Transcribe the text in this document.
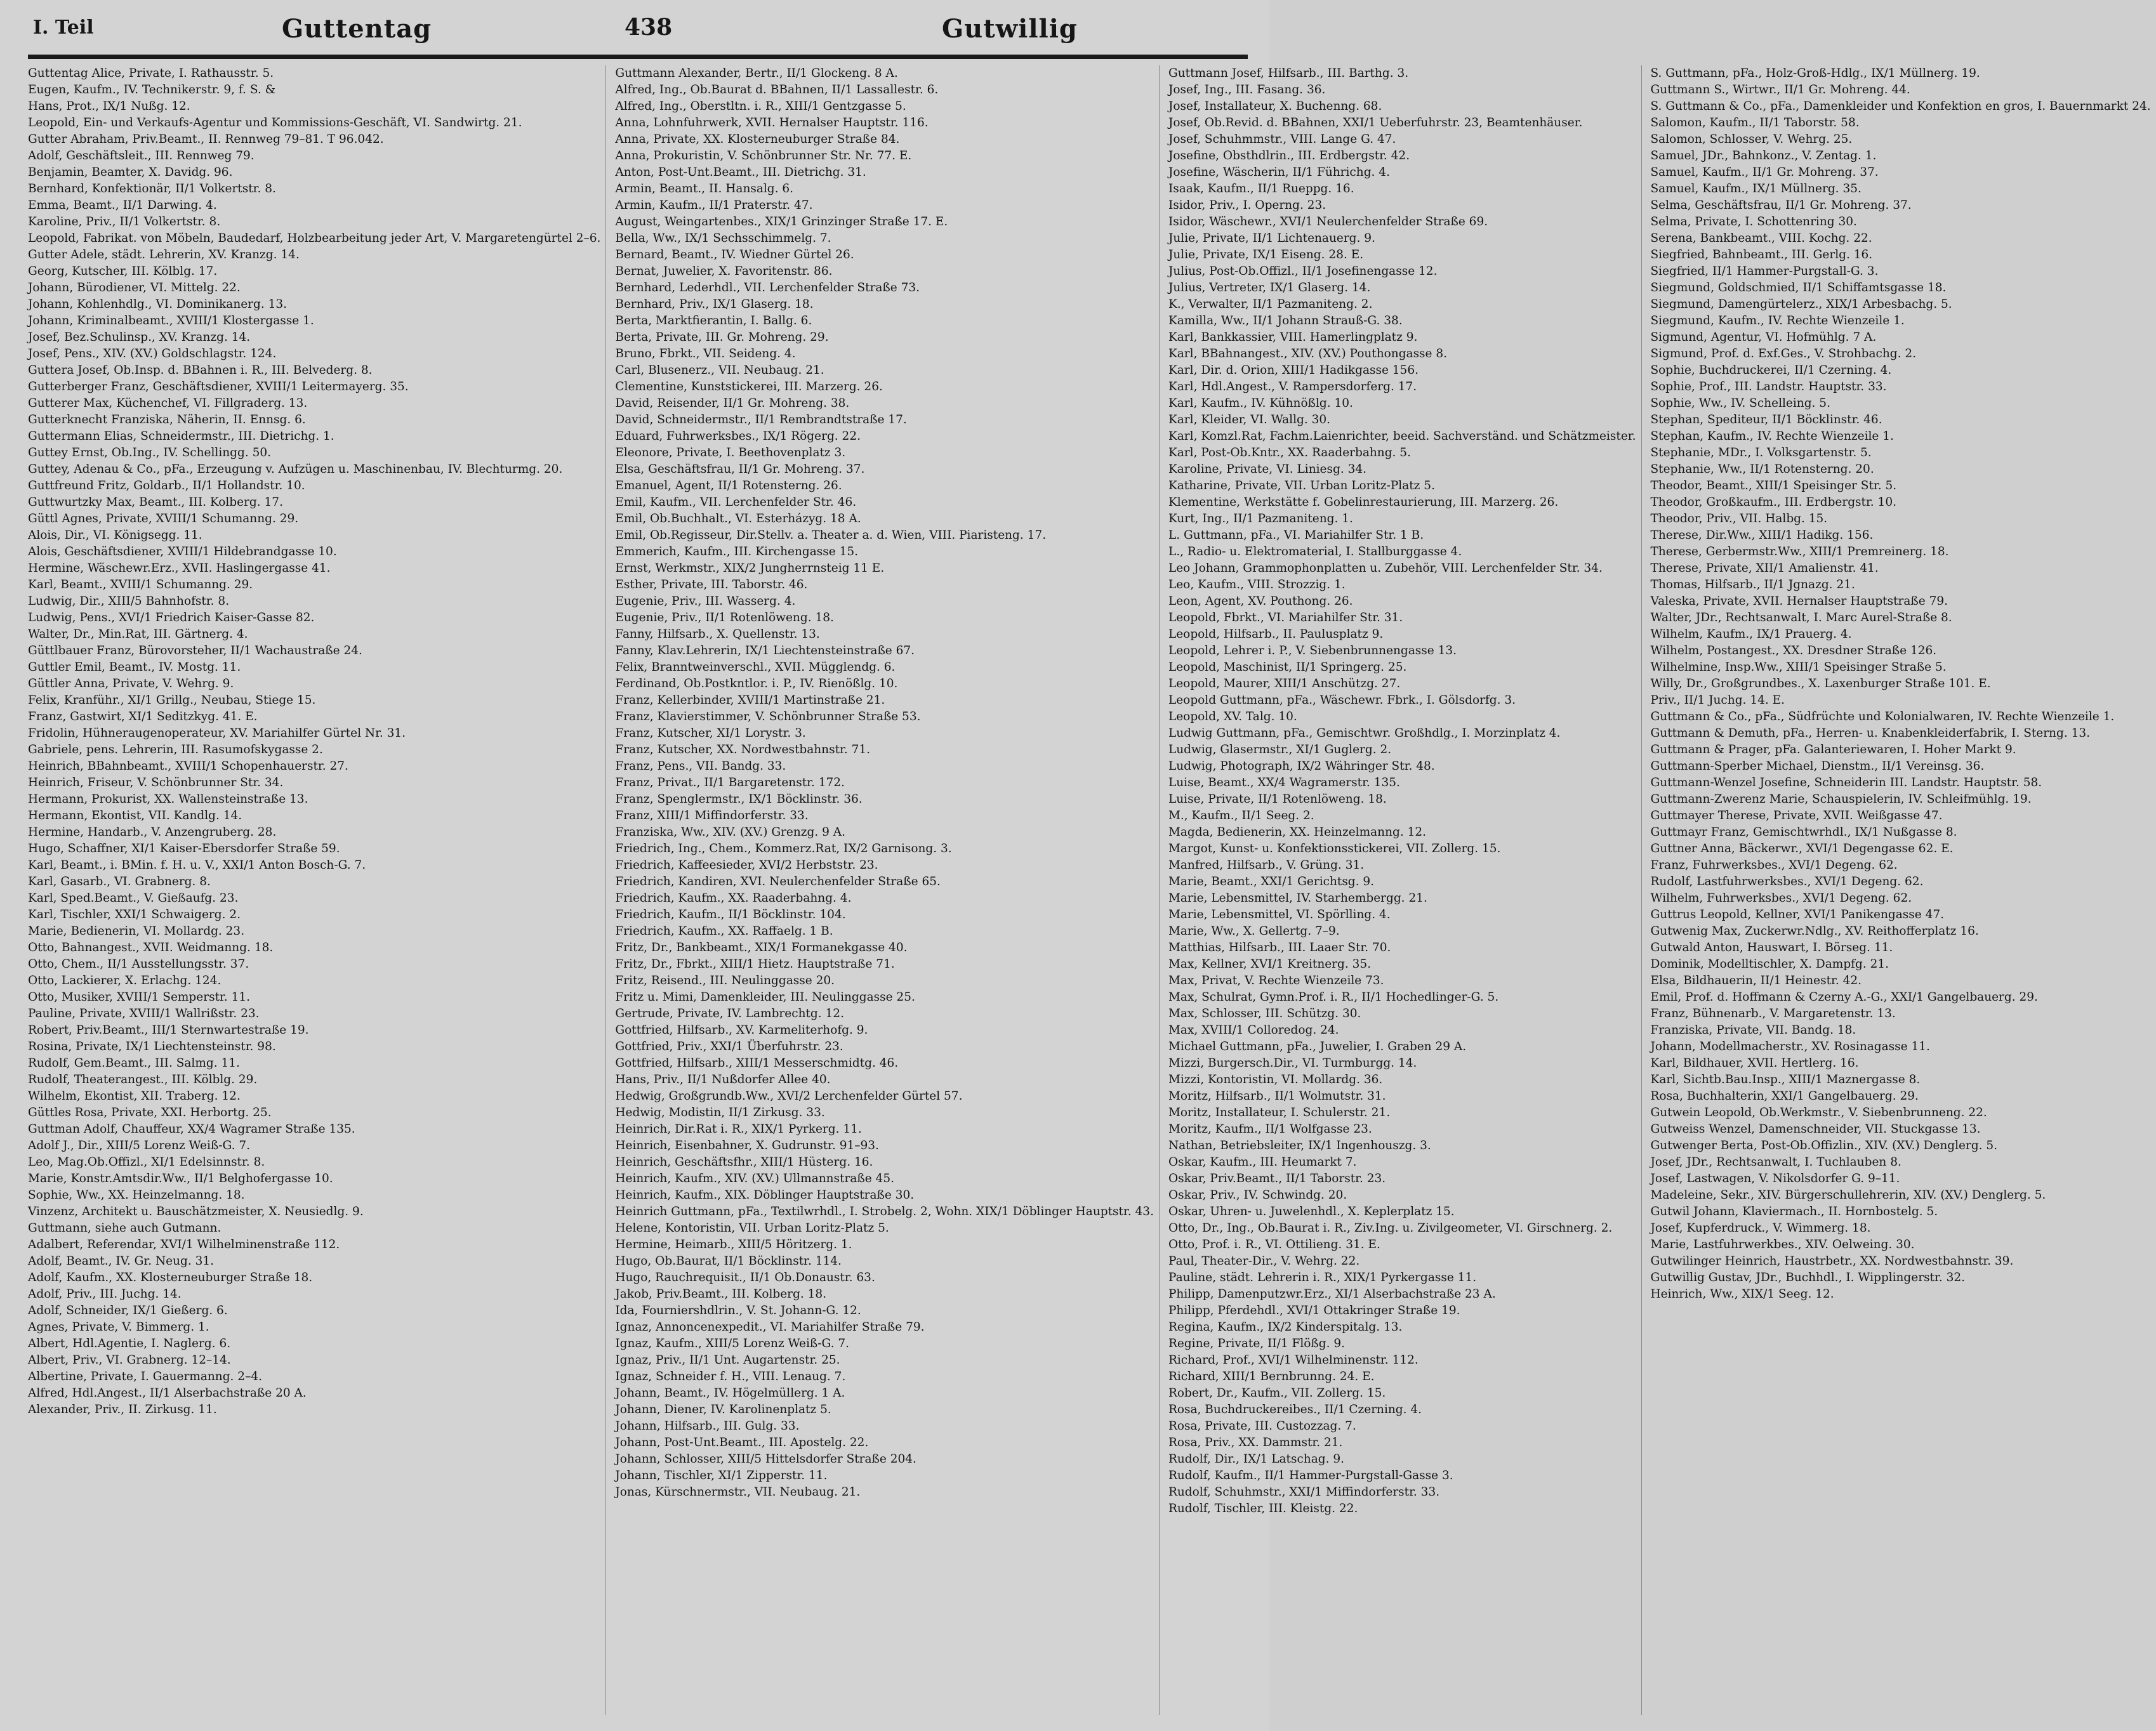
I. Teil	Guttentag	438	Gutwillig
Guttentag Alice, Private, I. Rathausstr. 5.
Eugen, Kaufm., IV. Technikerstr. 9, f. S. &
Hans, Prot., IX/1 Nußg. 12.
Leopold, Ein- und Verkaufs-Agentur und Kommissions-Geschäft, VI. Sandwirtg. 21.
Gutter Abraham, Priv.Beamt., II. Rennweg 79–81. T 96.042.
Adolf, Geschäftsleit., III. Rennweg 79.
Benjamin, Beamter, X. Davidg. 96.
Bernhard, Konfektionär, II/1 Volkertstr. 8.
Emma, Beamt., II/1 Darwing. 4.
Karoline, Priv., II/1 Volkertstr. 8.
Leopold, Fabrikat. von Möbeln, Baudedarf, Holzbearbeitung jeder Art, V. Margaretengürtel 2–6.
Gutter Adele, städt. Lehrerin, XV. Kranzg. 14.
Georg, Kutscher, III. Kölblg. 17.
Johann, Bürodiener, VI. Mittelg. 22.
Johann, Kohlenhdlg., VI. Dominikanerg. 13.
Johann, Kriminalbeamt., XVIII/1 Klostergasse 1.
Josef, Bez.Schulinsp., XV. Kranzg. 14.
Josef, Pens., XIV. (XV.) Goldschlagstr. 124.
Guttera Josef, Ob.Insp. d. BBahnen i. R., III. Belvederg. 8.
Gutterberger Franz, Geschäftsdiener, XVIII/1 Leitermayerg. 35.
Gutterer Max, Küchenchef, VI. Fillgraderg. 13.
Gutterknecht Franziska, Näherin, II. Ennsg. 6.
Guttermann Elias, Schneidermstr., III. Dietrichg. 1.
Guttey Ernst, Ob.Ing., IV. Schellingg. 50.
Guttey, Adenau & Co., pFa., Erzeugung v. Aufzügen u. Maschinenbau, IV. Blechturmg. 20.
Guttfreund Fritz, Goldarb., II/1 Hollandstr. 10.
Guttwurtzky Max, Beamt., III. Kolberg. 17.
Güttl Agnes, Private, XVIII/1 Schumanng. 29.
Alois, Dir., VI. Königsegg. 11.
Alois, Geschäftsdiener, XVIII/1 Hildebrandgasse 10.
Hermine, Wäschewr.Erz., XVII. Haslingergasse 41.
Karl, Beamt., XVIII/1 Schumanng. 29.
Ludwig, Dir., XIII/5 Bahnhofstr. 8.
Ludwig, Pens., XVI/1 Friedrich Kaiser-Gasse 82.
Walter, Dr., Min.Rat, III. Gärtnerg. 4.
Güttlbauer Franz, Bürovorsteher, II/1 Wachaustraße 24.
Guttler Emil, Beamt., IV. Mostg. 11.
Güttler Anna, Private, V. Wehrg. 9.
Felix, Kranführ., XI/1 Grillg., Neubau, Stiege 15.
Franz, Gastwirt, XI/1 Seditzkyg. 41. E.
Fridolin, Hühneraugenoperateur, XV. Mariahilfer Gürtel Nr. 31.
Gabriele, pens. Lehrerin, III. Rasumofskygasse 2.
Heinrich, BBahnbeamt., XVIII/1 Schopenhauerstr. 27.
Heinrich, Friseur, V. Schönbrunner Str. 34.
Hermann, Prokurist, XX. Wallensteinstraße 13.
Hermann, Ekontist, VII. Kandlg. 14.
Hermine, Handarb., V. Anzengruberg. 28.
Hugo, Schaffner, XI/1 Kaiser-Ebersdorfer Straße 59.
Karl, Beamt., i. BMin. f. H. u. V., XXI/1 Anton Bosch-G. 7.
Karl, Gasarb., VI. Grabnerg. 8.
Karl, Sped.Beamt., V. Gießaufg. 23.
Karl, Tischler, XXI/1 Schwaigerg. 2.
Marie, Bedienerin, VI. Mollardg. 23.
Otto, Bahnangest., XVII. Weidmanng. 18.
Otto, Chem., II/1 Ausstellungsstr. 37.
Otto, Lackierer, X. Erlachg. 124.
Otto, Musiker, XVIII/1 Semperstr. 11.
Pauline, Private, XVIII/1 Wallrißstr. 23.
Robert, Priv.Beamt., III/1 Sternwartestraße 19.
Rosina, Private, IX/1 Liechtensteinstr. 98.
Rudolf, Gem.Beamt., III. Salmg. 11.
Rudolf, Theaterangest., III. Kölblg. 29.
Wilhelm, Ekontist, XII. Traberg. 12.
Güttles Rosa, Private, XXI. Herbortg. 25.
Guttman Adolf, Chauffeur, XX/4 Wagramer Straße 135.
Adolf J., Dir., XIII/5 Lorenz Weiß-G. 7.
Leo, Mag.Ob.Offizl., XI/1 Edelsinnstr. 8.
Marie, Konstr.Amtsdir.Ww., II/1 Belghofergasse 10.
Sophie, Ww., XX. Heinzelmanng. 18.
Vinzenz, Architekt u. Bauschätzmeister, X. Neusiedlg. 9.
Guttmann, siehe auch Gutmann.
Adalbert, Referendar, XVI/1 Wilhelminenstraße 112.
Adolf, Beamt., IV. Gr. Neug. 31.
Adolf, Kaufm., XX. Klosterneuburger Straße 18.
Adolf, Priv., III. Juchg. 14.
Adolf, Schneider, IX/1 Gießerg. 6.
Agnes, Private, V. Bimmerg. 1.
Albert, Hdl.Agentie, I. Naglerg. 6.
Albert, Priv., VI. Grabnerg. 12–14.
Albertine, Private, I. Gauermanng. 2–4.
Alfred, Hdl.Angest., II/1 Alserbachstraße 20 A.
Alexander, Priv., II. Zirkusg. 11.
Guttmann Alexander, Bertr., II/1 Glockeng. 8 A.
Alfred, Ing., Ob.Baurat d. BBahnen, II/1 Lassallestr. 6.
Alfred, Ing., Oberstltn. i. R., XIII/1 Gentzgasse 5.
Anna, Lohnfuhrwerk, XVII. Hernalser Hauptstr. 116.
Anna, Private, XX. Klosterneuburger Straße 84.
Anna, Prokuristin, V. Schönbrunner Str. Nr. 77. E.
Anton, Post-Unt.Beamt., III. Dietrichg. 31.
Armin, Beamt., II. Hansalg. 6.
Armin, Kaufm., II/1 Praterstr. 47.
August, Weingartenbes., XIX/1 Grinzinger Straße 17. E.
Bella, Ww., IX/1 Sechsschimmelg. 7.
Bernard, Beamt., IV. Wiedner Gürtel 26.
Bernat, Juwelier, X. Favoritenstr. 86.
Bernhard, Lederhdl., VII. Lerchenfelder Straße 73.
Bernhard, Priv., IX/1 Glaserg. 18.
Berta, Marktfierantin, I. Ballg. 6.
Berta, Private, III. Gr. Mohreng. 29.
Bruno, Fbrkt., VII. Seideng. 4.
Carl, Blusenerz., VII. Neubaug. 21.
Clementine, Kunststickerei, III. Marzerg. 26.
David, Reisender, II/1 Gr. Mohreng. 38.
David, Schneidermstr., II/1 Rembrandtstraße 17.
Eduard, Fuhrwerksbes., IX/1 Rögerg. 22.
Eleonore, Private, I. Beethovenplatz 3.
Elsa, Geschäftsfrau, II/1 Gr. Mohreng. 37.
Emanuel, Agent, II/1 Rotensterng. 26.
Emil, Kaufm., VII. Lerchenfelder Str. 46.
Emil, Ob.Buchhalt., VI. Esterházyg. 18 A.
Emil, Ob.Regisseur, Dir.Stellv. a. Theater a. d. Wien, VIII. Piaristeng. 17.
Emmerich, Kaufm., III. Kirchengasse 15.
Ernst, Werkmstr., XIX/2 Jungherrnsteig 11 E.
Esther, Private, III. Taborstr. 46.
Eugenie, Priv., III. Wasserg. 4.
Eugenie, Priv., II/1 Rotenlöweng. 18.
Fanny, Hilfsarb., X. Quellenstr. 13.
Fanny, Klav.Lehrerin, IX/1 Liechtensteinstraße 67.
Felix, Branntweinverschl., XVII. Mügglendg. 6.
Ferdinand, Ob.Postkntlor. i. P., IV. Rienößlg. 10.
Franz, Kellerbinder, XVIII/1 Martinstraße 21.
Franz, Klavierstimmer, V. Schönbrunner Straße 53.
Franz, Kutscher, XI/1 Lorystr. 3.
Franz, Kutscher, XX. Nordwestbahnstr. 71.
Franz, Pens., VII. Bandg. 33.
Franz, Privat., II/1 Bargaretenstr. 172.
Franz, Spenglermstr., IX/1 Böcklinstr. 36.
Franz, XIII/1 Miffindorferstr. 33.
Franziska, Ww., XIV. (XV.) Grenzg. 9 A.
Friedrich, Ing., Chem., Kommerz.Rat, IX/2 Garnisong. 3.
Friedrich, Kaffeesieder, XVI/2 Herbststr. 23.
Friedrich, Kandiren, XVI. Neulerchenfelder Straße 65.
Friedrich, Kaufm., XX. Raaderbahng. 4.
Friedrich, Kaufm., II/1 Böcklinstr. 104.
Friedrich, Kaufm., XX. Raffaelg. 1 B.
Fritz, Dr., Bankbeamt., XIX/1 Formanekgasse 40.
Fritz, Dr., Fbrkt., XIII/1 Hietz. Hauptstraße 71.
Fritz, Reisend., III. Neulinggasse 20.
Fritz u. Mimi, Damenkleider, III. Neulinggasse 25.
Gertrude, Private, IV. Lambrechtg. 12.
Gottfried, Hilfsarb., XV. Karmeliterhofg. 9.
Gottfried, Priv., XXI/1 Überfuhrstr. 23.
Gottfried, Hilfsarb., XIII/1 Messerschmidtg. 46.
Hans, Priv., II/1 Nußdorfer Allee 40.
Hedwig, Großgrundb.Ww., XVI/2 Lerchenfelder Gürtel 57.
Hedwig, Modistin, II/1 Zirkusg. 33.
Heinrich, Dir.Rat i. R., XIX/1 Pyrkerg. 11.
Heinrich, Eisenbahner, X. Gudrunstr. 91–93.
Heinrich, Geschäftsfhr., XIII/1 Hüsterg. 16.
Heinrich, Kaufm., XIV. (XV.) Ullmannstraße 45.
Heinrich, Kaufm., XIX. Döblinger Hauptstraße 30.
Heinrich Guttmann, pFa., Textilwrhdl., I. Strobelg. 2, Wohn. XIX/1 Döblinger Hauptstr. 43.
Helene, Kontoristin, VII. Urban Loritz-Platz 5.
Hermine, Heimarb., XIII/5 Höritzerg. 1.
Hugo, Ob.Baurat, II/1 Böcklinstr. 114.
Hugo, Rauchrequisit., II/1 Ob.Donaustr. 63.
Jakob, Priv.Beamt., III. Kolberg. 18.
Ida, Fourniershdlrin., V. St. Johann-G. 12.
Ignaz, Annoncenexpedit., VI. Mariahilfer Straße 79.
Ignaz, Kaufm., XIII/5 Lorenz Weiß-G. 7.
Ignaz, Priv., II/1 Unt. Augartenstr. 25.
Ignaz, Schneider f. H., VIII. Lenaug. 7.
Johann, Beamt., IV. Högelmüllerg. 1 A.
Johann, Diener, IV. Karolinenplatz 5.
Johann, Hilfsarb., III. Gulg. 33.
Johann, Post-Unt.Beamt., III. Apostelg. 22.
Johann, Schlosser, XIII/5 Hittelsdorfer Straße 204.
Johann, Tischler, XI/1 Zipperstr. 11.
Jonas, Kürschnermstr., VII. Neubaug. 21.
Guttmann Josef, Hilfsarb., III. Barthg. 3.
Josef, Ing., III. Fasang. 36.
Josef, Installateur, X. Buchenng. 68.
Josef, Ob.Revid. d. BBahnen, XXI/1 Ueberfuhrstr. 23, Beamtenhäuser.
Josef, Schuhmmstr., VIII. Lange G. 47.
Josefine, Obsthdlrin., III. Erdbergstr. 42.
Josefine, Wäscherin, II/1 Führichg. 4.
Isaak, Kaufm., II/1 Rueppg. 16.
Isidor, Priv., I. Operng. 23.
Isidor, Wäschewr., XVI/1 Neulerchenfelder Straße 69.
Julie, Private, II/1 Lichtenauerg. 9.
Julie, Private, IX/1 Eiseng. 28. E.
Julius, Post-Ob.Offizl., II/1 Josefinengasse 12.
Julius, Vertreter, IX/1 Glaserg. 14.
K., Verwalter, II/1 Pazmaniteng. 2.
Kamilla, Ww., II/1 Johann Strauß-G. 38.
Karl, Bankkassier, VIII. Hamerlingplatz 9.
Karl, BBahnangest., XIV. (XV.) Pouthongasse 8.
Karl, Dir. d. Orion, XIII/1 Hadikgasse 156.
Karl, Hdl.Angest., V. Rampersdorferg. 17.
Karl, Kaufm., IV. Kühnößlg. 10.
Karl, Kleider, VI. Wallg. 30.
Karl, Komzl.Rat, Fachm.Laienrichter, beeid. Sachverständ. und Schätzmeister.
Karl, Post-Ob.Kntr., XX. Raaderbahng. 5.
Karoline, Private, VI. Liniesg. 34.
Katharine, Private, VII. Urban Loritz-Platz 5.
Klementine, Werkstätte f. Gobelinrestaurierung, III. Marzerg. 26.
Kurt, Ing., II/1 Pazmaniteng. 1.
L. Guttmann, pFa., VI. Mariahilfer Str. 1 B.
L., Radio- u. Elektromaterial, I. Stallburggasse 4.
Leo Johann, Grammophonplatten u. Zubehör, VIII. Lerchenfelder Str. 34.
Leo, Kaufm., VIII. Strozzig. 1.
Leon, Agent, XV. Pouthong. 26.
Leopold, Fbrkt., VI. Mariahilfer Str. 31.
Leopold, Hilfsarb., II. Paulusplatz 9.
Leopold, Lehrer i. P., V. Siebenbrunnengasse 13.
Leopold, Maschinist, II/1 Springerg. 25.
Leopold, Maurer, XIII/1 Anschützg. 27.
Leopold Guttmann, pFa., Wäschewr. Fbrk., I. Gölsdorfg. 3.
Leopold, XV. Talg. 10.
Ludwig Guttmann, pFa., Gemischtwr. Großhdlg., I. Morzinplatz 4.
Ludwig, Glasermstr., XI/1 Guglerg. 2.
Ludwig, Photograph, IX/2 Währinger Str. 48.
Luise, Beamt., XX/4 Wagramerstr. 135.
Luise, Private, II/1 Rotenlöweng. 18.
M., Kaufm., II/1 Seeg. 2.
Magda, Bedienerin, XX. Heinzelmanng. 12.
Margot, Kunst- u. Konfektionsstickerei, VII. Zollerg. 15.
Manfred, Hilfsarb., V. Grüng. 31.
Marie, Beamt., XXI/1 Gerichtsg. 9.
Marie, Lebensmittel, IV. Starhembergg. 21.
Marie, Lebensmittel, VI. Spörlling. 4.
Marie, Ww., X. Gellertg. 7–9.
Matthias, Hilfsarb., III. Laaer Str. 70.
Max, Kellner, XVI/1 Kreitnerg. 35.
Max, Privat, V. Rechte Wienzeile 73.
Max, Schulrat, Gymn.Prof. i. R., II/1 Hochedlinger-G. 5.
Max, Schlosser, III. Schützg. 30.
Max, XVIII/1 Colloredog. 24.
Michael Guttmann, pFa., Juwelier, I. Graben 29 A.
Mizzi, Burgersch.Dir., VI. Turmburgg. 14.
Mizzi, Kontoristin, VI. Mollardg. 36.
Moritz, Hilfsarb., II/1 Wolmutstr. 31.
Moritz, Installateur, I. Schulerstr. 21.
Moritz, Kaufm., II/1 Wolfgasse 23.
Nathan, Betriebsleiter, IX/1 Ingenhouszg. 3.
Oskar, Kaufm., III. Heumarkt 7.
Oskar, Priv.Beamt., II/1 Taborstr. 23.
Oskar, Priv., IV. Schwindg. 20.
Oskar, Uhren- u. Juwelenhdl., X. Keplerplatz 15.
Otto, Dr., Ing., Ob.Baurat i. R., Ziv.Ing. u. Zivilgeometer, VI. Girschnerg. 2.
Otto, Prof. i. R., VI. Ottilieng. 31. E.
Paul, Theater-Dir., V. Wehrg. 22.
Pauline, städt. Lehrerin i. R., XIX/1 Pyrkergasse 11.
Philipp, Damenputzwr.Erz., XI/1 Alserbachstraße 23 A.
Philipp, Pferdehdl., XVI/1 Ottakringer Straße 19.
Regina, Kaufm., IX/2 Kinderspitalg. 13.
Regine, Private, II/1 Flößg. 9.
Richard, Prof., XVI/1 Wilhelminenstr. 112.
Richard, XIII/1 Bernbrunng. 24. E.
Robert, Dr., Kaufm., VII. Zollerg. 15.
Rosa, Buchdruckereibes., II/1 Czerning. 4.
Rosa, Private, III. Custozzag. 7.
Rosa, Priv., XX. Dammstr. 21.
Rudolf, Dir., IX/1 Latschag. 9.
Rudolf, Kaufm., II/1 Hammer-Purgstall-Gasse 3.
Rudolf, Schuhmstr., XXI/1 Miffindorferstr. 33.
Rudolf, Tischler, III. Kleistg. 22.
S. Guttmann, pFa., Holz-Groß-Hdlg., IX/1 Müllnerg. 19.
Guttmann S., Wirtwr., II/1 Gr. Mohreng. 44.
S. Guttmann & Co., pFa., Damenkleider und Konfektion en gros, I. Bauernmarkt 24.
Salomon, Kaufm., II/1 Taborstr. 58.
Salomon, Schlosser, V. Wehrg. 25.
Samuel, JDr., Bahnkonz., V. Zentag. 1.
Samuel, Kaufm., II/1 Gr. Mohreng. 37.
Samuel, Kaufm., IX/1 Müllnerg. 35.
Selma, Geschäftsfrau, II/1 Gr. Mohreng. 37.
Selma, Private, I. Schottenring 30.
Serena, Bankbeamt., VIII. Kochg. 22.
Siegfried, Bahnbeamt., III. Gerlg. 16.
Siegfried, II/1 Hammer-Purgstall-G. 3.
Siegmund, Goldschmied, II/1 Schiffamtsgasse 18.
Siegmund, Damengürtelerz., XIX/1 Arbesbachg. 5.
Siegmund, Kaufm., IV. Rechte Wienzeile 1.
Sigmund, Agentur, VI. Hofmühlg. 7 A.
Sigmund, Prof. d. Exf.Ges., V. Strohbachg. 2.
Sophie, Buchdruckerei, II/1 Czerning. 4.
Sophie, Prof., III. Landstr. Hauptstr. 33.
Sophie, Ww., IV. Schellеing. 5.
Stephan, Spediteur, II/1 Böcklinstr. 46.
Stephan, Kaufm., IV. Rechte Wienzeile 1.
Stephanie, MDr., I. Volksgartenstr. 5.
Stephanie, Ww., II/1 Rotensterng. 20.
Theodor, Beamt., XIII/1 Speisinger Str. 5.
Theodor, Großkaufm., III. Erdbergstr. 10.
Theodor, Priv., VII. Halbg. 15.
Therese, Dir.Ww., XIII/1 Hadikg. 156.
Therese, Gerbermstr.Ww., XIII/1 Premreinerg. 18.
Therese, Private, XII/1 Amalienstr. 41.
Thomas, Hilfsarb., II/1 Jgnazg. 21.
Valeska, Private, XVII. Hernalser Hauptstraße 79.
Walter, JDr., Rechtsanwalt, I. Marc Aurel-Straße 8.
Wilhelm, Kaufm., IX/1 Prauerg. 4.
Wilhelm, Postangest., XX. Dresdner Straße 126.
Wilhelmine, Insp.Ww., XIII/1 Speisinger Straße 5.
Willy, Dr., Großgrundbes., X. Laxenburger Straße 101. E.
Priv., II/1 Juchg. 14. E.
Guttmann & Co., pFa., Südfrüchte und Kolonialwaren, IV. Rechte Wienzeile 1.
Guttmann & Demuth, pFa., Herren- u. Knabenkleiderfabrik, I. Sterng. 13.
Guttmann & Prager, pFa. Galanteriewaren, I. Hoher Markt 9.
Guttmann-Sperber Michael, Dienstm., II/1 Vereinsg. 36.
Guttmann-Wenzel Josefine, Schneiderin III. Landstr. Hauptstr. 58.
Guttmann-Zwerenz Marie, Schauspielerin, IV. Schleifmühlg. 19.
Guttmayer Therese, Private, XVII. Weißgasse 47.
Guttmayr Franz, Gemischtwrhdl., IX/1 Nußgasse 8.
Guttner Anna, Bäckerwr., XVI/1 Degengasse 62. E.
Franz, Fuhrwerksbes., XVI/1 Degeng. 62.
Rudolf, Lastfuhrwerksbes., XVI/1 Degeng. 62.
Wilhelm, Fuhrwerksbes., XVI/1 Degeng. 62.
Guttrus Leopold, Kellner, XVI/1 Panikengasse 47.
Gutwenig Max, Zuckerwr.Ndlg., XV. Reithofferplatz 16.
Gutwald Anton, Hauswart, I. Börseg. 11.
Dominik, Modelltischler, X. Dampfg. 21.
Elsa, Bildhauerin, II/1 Heinestr. 42.
Emil, Prof. d. Hoffmann & Czerny A.-G., XXI/1 Gangelbauerg. 29.
Franz, Bühnenarb., V. Margaretenstr. 13.
Franziska, Private, VII. Bandg. 18.
Johann, Modellmacherstr., XV. Rosinagasse 11.
Karl, Bildhauer, XVII. Hertlerg. 16.
Karl, Sichtb.Bau.Insp., XIII/1 Maznergasse 8.
Rosa, Buchhalterin, XXI/1 Gangelbauerg. 29.
Gutwein Leopold, Ob.Werkmstr., V. Siebenbrunneng. 22.
Gutweiss Wenzel, Damenschneider, VII. Stuckgasse 13.
Gutwenger Berta, Post-Ob.Offizlin., XIV. (XV.) Denglerg. 5.
Josef, JDr., Rechtsanwalt, I. Tuchlauben 8.
Josef, Lastwagen, V. Nikolsdorfer G. 9–11.
Madeleine, Sekr., XIV. Bürgerschullehrerin, XIV. (XV.) Denglerg. 5.
Gutwil Johann, Klaviermach., II. Hornbostelg. 5.
Josef, Kupferdruck., V. Wimmerg. 18.
Marie, Lastfuhrwerkbes., XIV. Oelweing. 30.
Gutwilinger Heinrich, Haustrbetr., XX. Nordwestbahnstr. 39.
Gutwillig Gustav, JDr., Buchhdl., I. Wipplingerstr. 32.
Heinrich, Ww., XIX/1 Seeg. 12.
